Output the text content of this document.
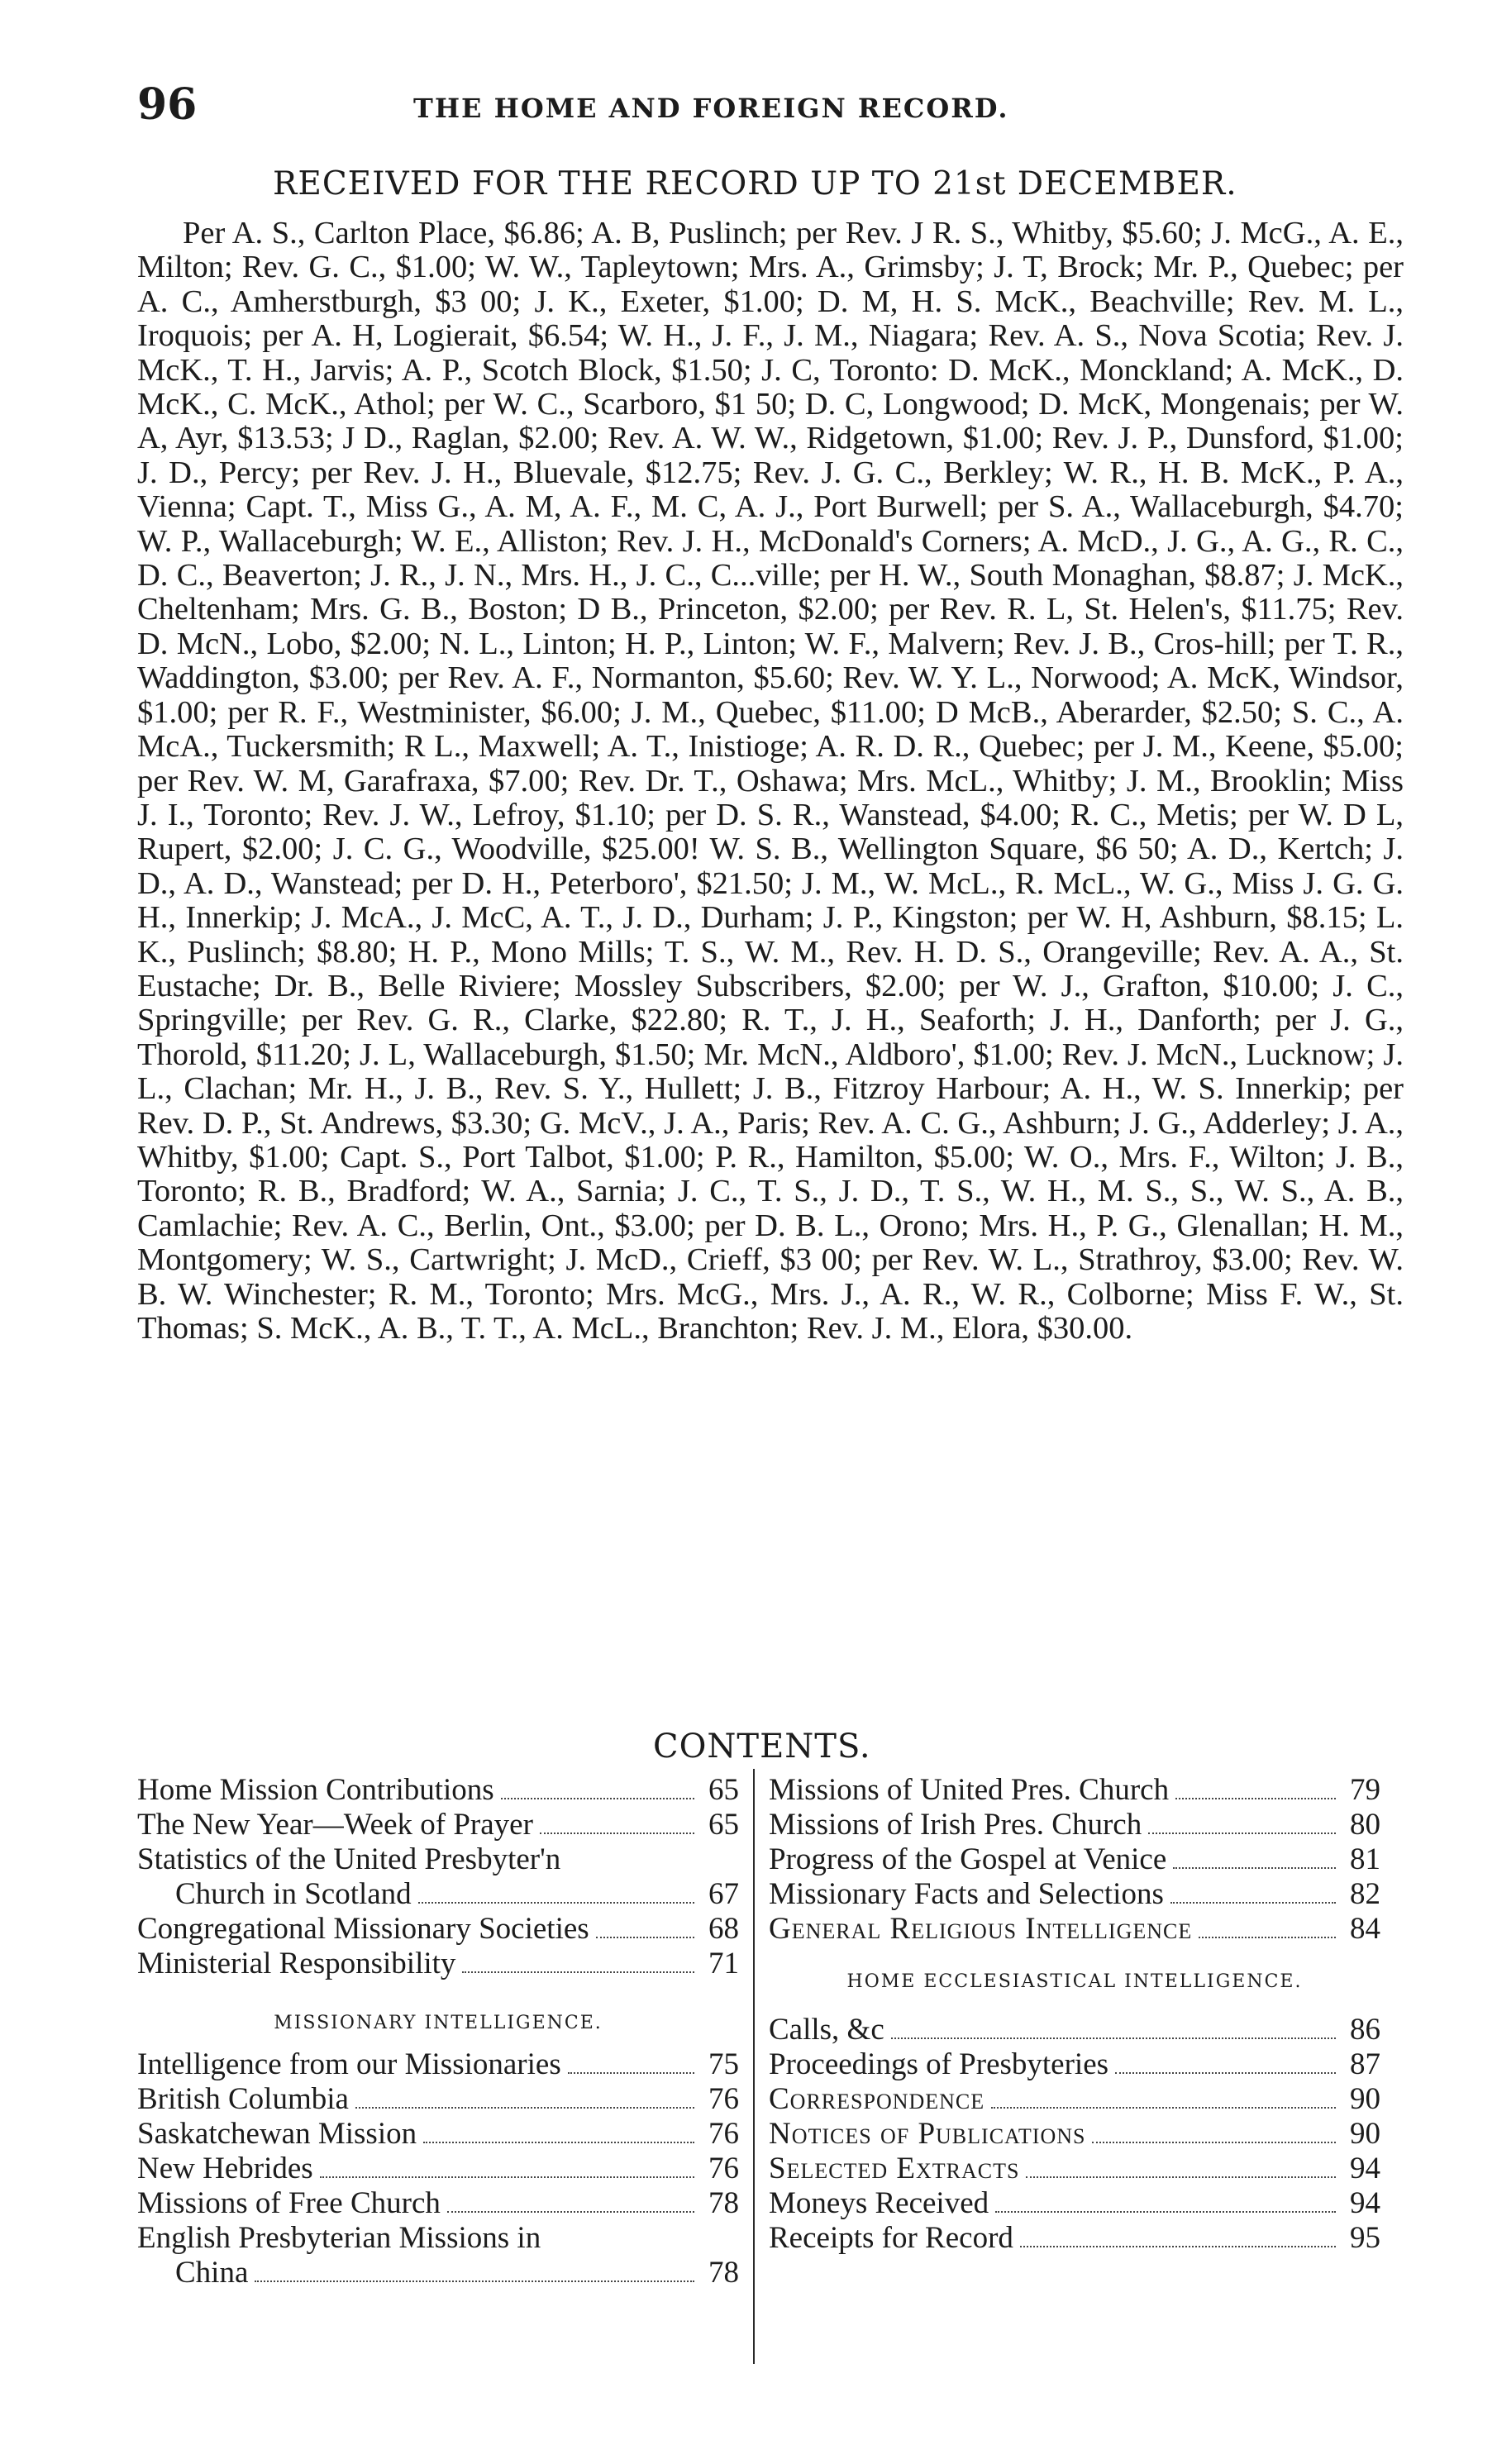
96	THE HOME AND FOREIGN RECORD.
RECEIVED FOR THE RECORD UP TO 21st DECEMBER.
Per A. S., Carlton Place, $6.86; A. B, Puslinch; per Rev. J R. S., Whitby, $5.60; J. McG., A. E., Milton; Rev. G. C., $1.00; W. W., Tapleytown; Mrs. A., Grimsby; J. T, Brock; Mr. P., Quebec; per A. C., Amherstburgh, $3 00; J. K., Exeter, $1.00; D. M, H. S. McK., Beachville; Rev. M. L., Iroquois; per A. H, Logierait, $6.54; W. H., J. F., J. M., Niagara; Rev. A. S., Nova Scotia; Rev. J. McK., T. H., Jarvis; A. P., Scotch Block, $1.50; J. C, Toronto: D. McK., Monckland; A. McK., D. McK., C. McK., Athol; per W. C., Scarboro, $1 50; D. C, Longwood; D. McK, Mongenais; per W. A, Ayr, $13.53; J D., Raglan, $2.00; Rev. A. W. W., Ridgetown, $1.00; Rev. J. P., Dunsford, $1.00; J. D., Percy; per Rev. J. H., Bluevale, $12.75; Rev. J. G. C., Berkley; W. R., H. B. McK., P. A., Vienna; Capt. T., Miss G., A. M, A. F., M. C, A. J., Port Burwell; per S. A., Wallaceburgh, $4.70; W. P., Wallaceburgh; W. E., Alliston; Rev. J. H., McDonald's Corners; A. McD., J. G., A. G., R. C., D. C., Beaverton; J. R., J. N., Mrs. H., J. C., C...ville; per H. W., South Monaghan, $8.87; J. McK., Cheltenham; Mrs. G. B., Boston; D B., Princeton, $2.00; per Rev. R. L, St. Helen's, $11.75; Rev. D. McN., Lobo, $2.00; N. L., Linton; H. P., Linton; W. F., Malvern; Rev. J. B., Cros-hill; per T. R., Waddington, $3.00; per Rev. A. F., Normanton, $5.60; Rev. W. Y. L., Norwood; A. McK, Windsor, $1.00; per R. F., Westminister, $6.00; J. M., Quebec, $11.00; D McB., Aberarder, $2.50; S. C., A. McA., Tuckersmith; R L., Maxwell; A. T., Inistioge; A. R. D. R., Quebec; per J. M., Keene, $5.00; per Rev. W. M, Garafraxa, $7.00; Rev. Dr. T., Oshawa; Mrs. McL., Whitby; J. M., Brooklin; Miss J. I., Toronto; Rev. J. W., Lefroy, $1.10; per D. S. R., Wanstead, $4.00; R. C., Metis; per W. D L, Rupert, $2.00; J. C. G., Woodville, $25.00! W. S. B., Wellington Square, $6 50; A. D., Kertch; J. D., A. D., Wanstead; per D. H., Peterboro', $21.50; J. M., W. McL., R. McL., W. G., Miss J. G. G. H., Innerkip; J. McA., J. McC, A. T., J. D., Durham; J. P., Kingston; per W. H, Ashburn, $8.15; L. K., Puslinch; $8.80; H. P., Mono Mills; T. S., W. M., Rev. H. D. S., Orangeville; Rev. A. A., St. Eustache; Dr. B., Belle Riviere; Mossley Subscribers, $2.00; per W. J., Grafton, $10.00; J. C., Springville; per Rev. G. R., Clarke, $22.80; R. T., J. H., Seaforth; J. H., Danforth; per J. G., Thorold, $11.20; J. L, Wallaceburgh, $1.50; Mr. McN., Aldboro', $1.00; Rev. J. McN., Lucknow; J. L., Clachan; Mr. H., J. B., Rev. S. Y., Hullett; J. B., Fitzroy Harbour; A. H., W. S. Innerkip; per Rev. D. P., St. Andrews, $3.30; G. McV., J. A., Paris; Rev. A. C. G., Ashburn; J. G., Adderley; J. A., Whitby, $1.00; Capt. S., Port Talbot, $1.00; P. R., Hamilton, $5.00; W. O., Mrs. F., Wilton; J. B., Toronto; R. B., Bradford; W. A., Sarnia; J. C., T. S., J. D., T. S., W. H., M. S., S., W. S., A. B., Camlachie; Rev. A. C., Berlin, Ont., $3.00; per D. B. L., Orono; Mrs. H., P. G., Glenallan; H. M., Montgomery; W. S., Cartwright; J. McD., Crieff, $3 00; per Rev. W. L., Strathroy, $3.00; Rev. W. B. W. Winchester; R. M., Toronto; Mrs. McG., Mrs. J., A. R., W. R., Colborne; Miss F. W., St. Thomas; S. McK., A. B., T. T., A. McL., Branchton; Rev. J. M., Elora, $30.00.
CONTENTS.
Home Mission Contributions	65
The New Year—Week of Prayer	65
Statistics of the United Presbyter'n
Church in Scotland	67
Congregational Missionary Societies	68
Ministerial Responsibility	71
MISSIONARY INTELLIGENCE.
Intelligence from our Missionaries	75
British Columbia	76
Saskatchewan Mission	76
New Hebrides	76
Missions of Free Church	78
English Presbyterian Missions in
China	78
Missions of United Pres. Church	79
Missions of Irish Pres. Church	80
Progress of the Gospel at Venice	81
Missionary Facts and Selections	82
General Religious Intelligence	84
HOME ECCLESIASTICAL INTELLIGENCE.
Calls, &c	86
Proceedings of Presbyteries	87
Correspondence	90
Notices of Publications	90
Selected Extracts	94
Moneys Received	94
Receipts for Record	95
